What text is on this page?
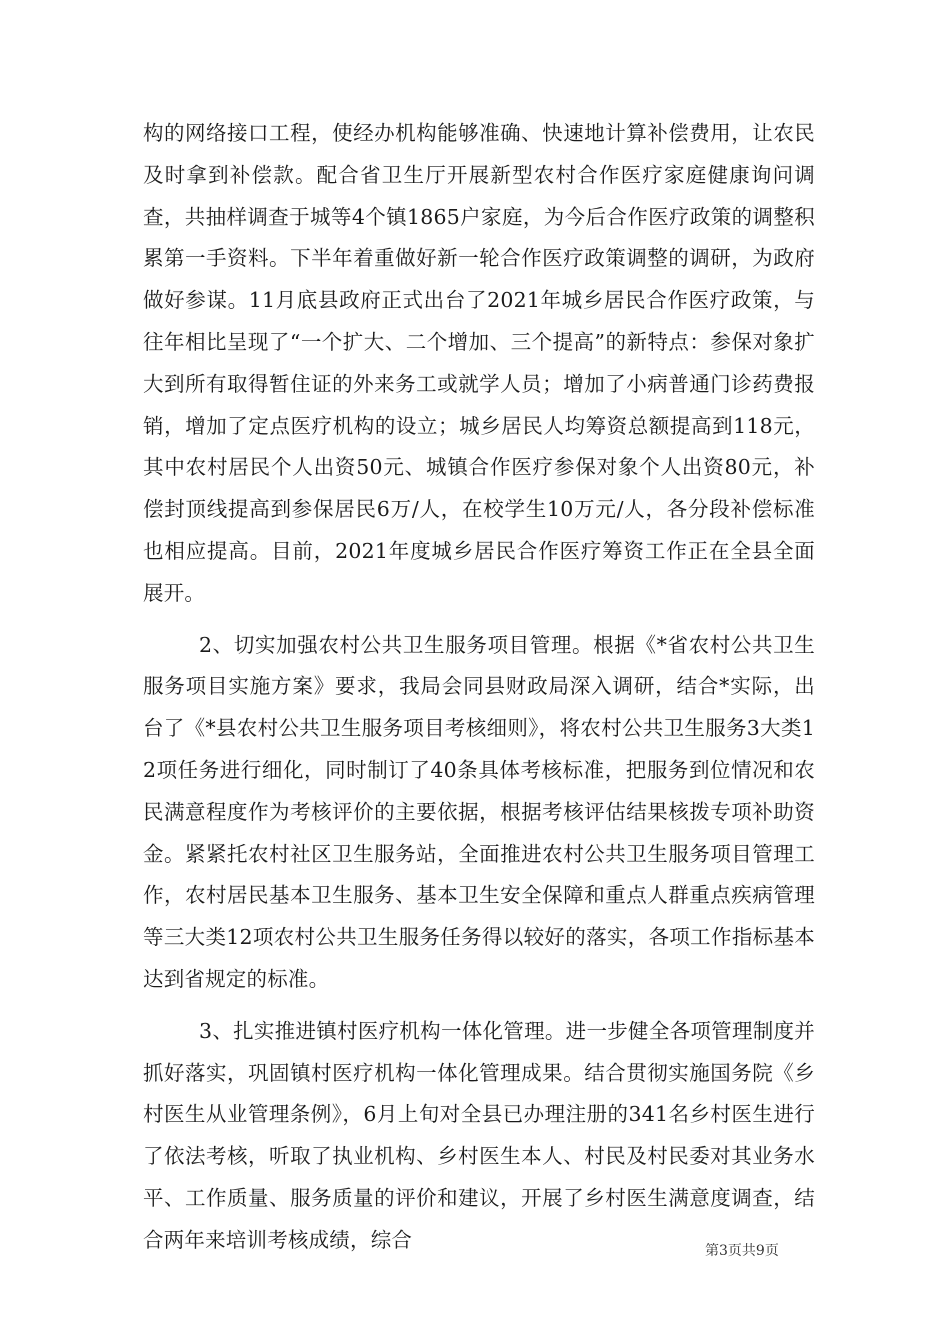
构的网络接口工程，使经办机构能够准确、快速地计算补偿费用，让农民及时拿到补偿款。配合省卫生厅开展新型农村合作医疗家庭健康询问调查，共抽样调查于城等4个镇1865户家庭，为今后合作医疗政策的调整积累第一手资料。下半年着重做好新一轮合作医疗政策调整的调研，为政府做好参谋。11月底县政府正式出台了2021年城乡居民合作医疗政策，与往年相比呈现了“一个扩大、二个增加、三个提高”的新特点：参保对象扩大到所有取得暂住证的外来务工或就学人员；增加了小病普通门诊药费报销，增加了定点医疗机构的设立；城乡居民人均筹资总额提高到118元，其中农村居民个人出资50元、城镇合作医疗参保对象个人出资80元，补偿封顶线提高到参保居民6万/人，在校学生10万元/人，各分段补偿标准也相应提高。目前，2021年度城乡居民合作医疗筹资工作正在全县全面展开。

2、切实加强农村公共卫生服务项目管理。根据《*省农村公共卫生服务项目实施方案》要求，我局会同县财政局深入调研，结合*实际，出台了《*县农村公共卫生服务项目考核细则》，将农村公共卫生服务3大类12项任务进行细化，同时制订了40条具体考核标准，把服务到位情况和农民满意程度作为考核评价的主要依据，根据考核评估结果核拨专项补助资金。紧紧托农村社区卫生服务站，全面推进农村公共卫生服务项目管理工作，农村居民基本卫生服务、基本卫生安全保障和重点人群重点疾病管理等三大类12项农村公共卫生服务任务得以较好的落实，各项工作指标基本达到省规定的标准。

3、扎实推进镇村医疗机构一体化管理。进一步健全各项管理制度并抓好落实，巩固镇村医疗机构一体化管理成果。结合贯彻实施国务院《乡村医生从业管理条例》，6月上旬对全县已办理注册的341名乡村医生进行了依法考核，听取了执业机构、乡村医生本人、村民及村民委对其业务水平、工作质量、服务质量的评价和建议，开展了乡村医生满意度调查，结合两年来培训考核成绩，综合	第3页共9页
